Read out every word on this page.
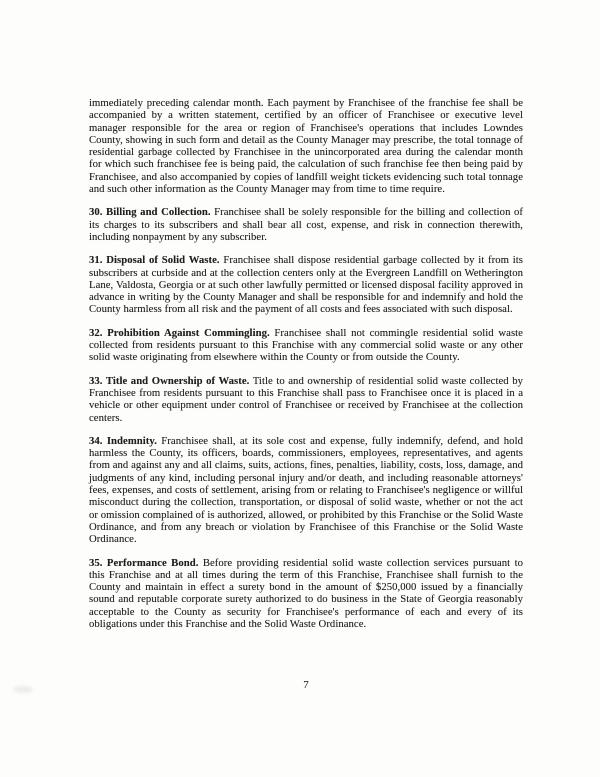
immediately preceding calendar month. Each payment by Franchisee of the franchise fee shall be accompanied by a written statement, certified by an officer of Franchisee or executive level manager responsible for the area or region of Franchisee's operations that includes Lowndes County, showing in such form and detail as the County Manager may prescribe, the total tonnage of residential garbage collected by Franchisee in the unincorporated area during the calendar month for which such franchisee fee is being paid, the calculation of such franchise fee then being paid by Franchisee, and also accompanied by copies of landfill weight tickets evidencing such total tonnage and such other information as the County Manager may from time to time require.

30. Billing and Collection. Franchisee shall be solely responsible for the billing and collection of its charges to its subscribers and shall bear all cost, expense, and risk in connection therewith, including nonpayment by any subscriber.

31. Disposal of Solid Waste. Franchisee shall dispose residential garbage collected by it from its subscribers at curbside and at the collection centers only at the Evergreen Landfill on Wetherington Lane, Valdosta, Georgia or at such other lawfully permitted or licensed disposal facility approved in advance in writing by the County Manager and shall be responsible for and indemnify and hold the County harmless from all risk and the payment of all costs and fees associated with such disposal.

32. Prohibition Against Commingling. Franchisee shall not commingle residential solid waste collected from residents pursuant to this Franchise with any commercial solid waste or any other solid waste originating from elsewhere within the County or from outside the County.

33. Title and Ownership of Waste. Title to and ownership of residential solid waste collected by Franchisee from residents pursuant to this Franchise shall pass to Franchisee once it is placed in a vehicle or other equipment under control of Franchisee or received by Franchisee at the collection centers.

34. Indemnity. Franchisee shall, at its sole cost and expense, fully indemnify, defend, and hold harmless the County, its officers, boards, commissioners, employees, representatives, and agents from and against any and all claims, suits, actions, fines, penalties, liability, costs, loss, damage, and judgments of any kind, including personal injury and/or death, and including reasonable attorneys' fees, expenses, and costs of settlement, arising from or relating to Franchisee's negligence or willful misconduct during the collection, transportation, or disposal of solid waste, whether or not the act or omission complained of is authorized, allowed, or prohibited by this Franchise or the Solid Waste Ordinance, and from any breach or violation by Franchisee of this Franchise or the Solid Waste Ordinance.

35. Performance Bond. Before providing residential solid waste collection services pursuant to this Franchise and at all times during the term of this Franchise, Franchisee shall furnish to the County and maintain in effect a surety bond in the amount of $250,000 issued by a financially sound and reputable corporate surety authorized to do business in the State of Georgia reasonably acceptable to the County as security for Franchisee's performance of each and every of its obligations under this Franchise and the Solid Waste Ordinance.

7
